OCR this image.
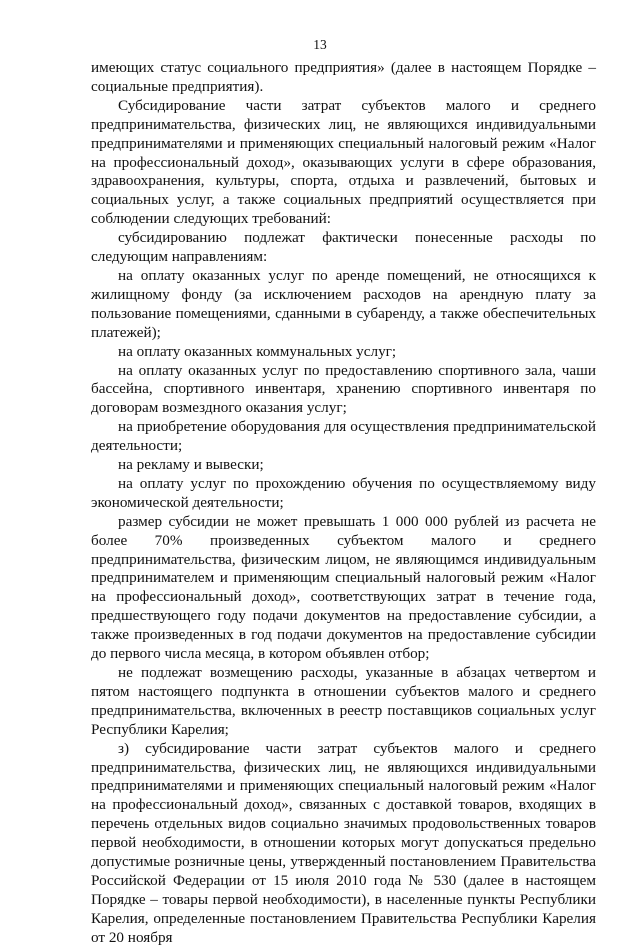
13

имеющих статус социального предприятия» (далее в настоящем Порядке – социальные предприятия).

Субсидирование части затрат субъектов малого и среднего предпринимательства, физических лиц, не являющихся индивидуальными предпринимателями и применяющих специальный налоговый режим «Налог на профессиональный доход», оказывающих услуги в сфере образования, здравоохранения, культуры, спорта, отдыха и развлечений, бытовых и социальных услуг, а также социальных предприятий осуществляется при соблюдении следующих требований:

субсидированию подлежат фактически понесенные расходы по следующим направлениям:

на оплату оказанных услуг по аренде помещений, не относящихся к жилищному фонду (за исключением расходов на арендную плату за пользование помещениями, сданными в субаренду, а также обеспечительных платежей);

на оплату оказанных коммунальных услуг;

на оплату оказанных услуг по предоставлению спортивного зала, чаши бассейна, спортивного инвентаря, хранению спортивного инвентаря по договорам возмездного оказания услуг;

на приобретение оборудования для осуществления предпринимательской деятельности;

на рекламу и вывески;

на оплату услуг по прохождению обучения по осуществляемому виду экономической деятельности;

размер субсидии не может превышать 1 000 000 рублей из расчета не более 70% произведенных субъектом малого и среднего предпринимательства, физическим лицом, не являющимся индивидуальным предпринимателем и применяющим специальный налоговый режим «Налог на профессиональный доход», соответствующих затрат в течение года, предшествующего году подачи документов на предоставление субсидии, а также произведенных в год подачи документов на предоставление субсидии до первого числа месяца, в котором объявлен отбор;

не подлежат возмещению расходы, указанные в абзацах четвертом и пятом настоящего подпункта в отношении субъектов малого и среднего предпринимательства, включенных в реестр поставщиков социальных услуг Республики Карелия;

з) субсидирование части затрат субъектов малого и среднего предпринимательства, физических лиц, не являющихся индивидуальными предпринимателями и применяющих специальный налоговый режим «Налог на профессиональный доход», связанных с доставкой товаров, входящих в перечень отдельных видов социально значимых продовольственных товаров первой необходимости, в отношении которых могут допускаться предельно допустимые розничные цены, утвержденный постановлением Правительства Российской Федерации от 15 июля 2010 года № 530 (далее в настоящем Порядке – товары первой необходимости), в населенные пункты Республики Карелия, определенные постановлением Правительства Республики Карелия от 20 ноября
